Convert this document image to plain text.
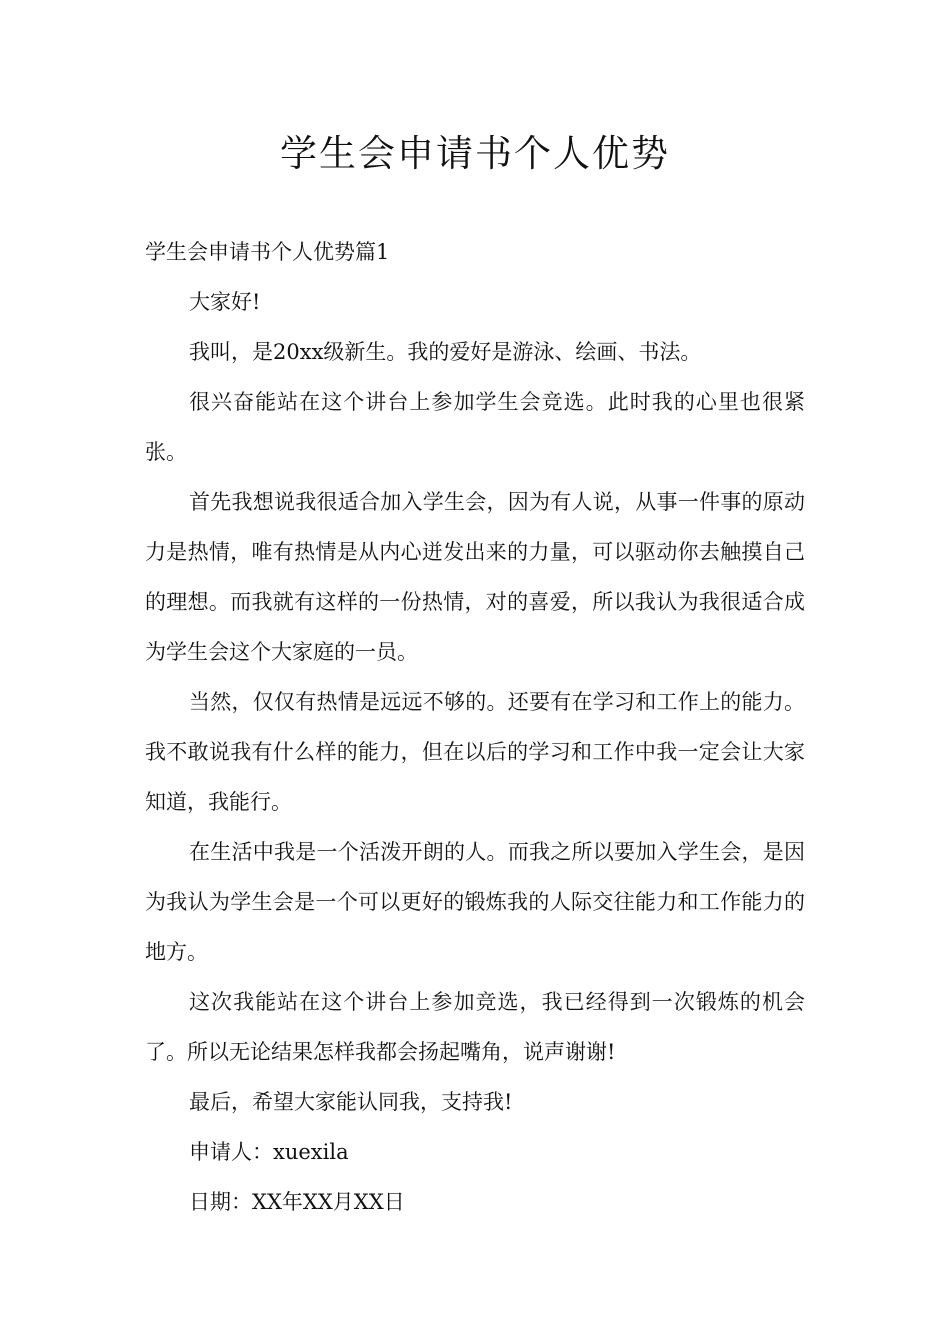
学生会申请书个人优势

学生会申请书个人优势篇1

大家好!

我叫，是20xx级新生。我的爱好是游泳、绘画、书法。

很兴奋能站在这个讲台上参加学生会竞选。此时我的心里也很紧张。

首先我想说我很适合加入学生会，因为有人说，从事一件事的原动力是热情，唯有热情是从内心迸发出来的力量，可以驱动你去触摸自己的理想。而我就有这样的一份热情，对的喜爱，所以我认为我很适合成为学生会这个大家庭的一员。

当然，仅仅有热情是远远不够的。还要有在学习和工作上的能力。我不敢说我有什么样的能力，但在以后的学习和工作中我一定会让大家知道，我能行。

在生活中我是一个活泼开朗的人。而我之所以要加入学生会，是因为我认为学生会是一个可以更好的锻炼我的人际交往能力和工作能力的地方。

这次我能站在这个讲台上参加竞选，我已经得到一次锻炼的机会了。所以无论结果怎样我都会扬起嘴角，说声谢谢!

最后，希望大家能认同我，支持我!

申请人：xuexila

日期：XX年XX月XX日
